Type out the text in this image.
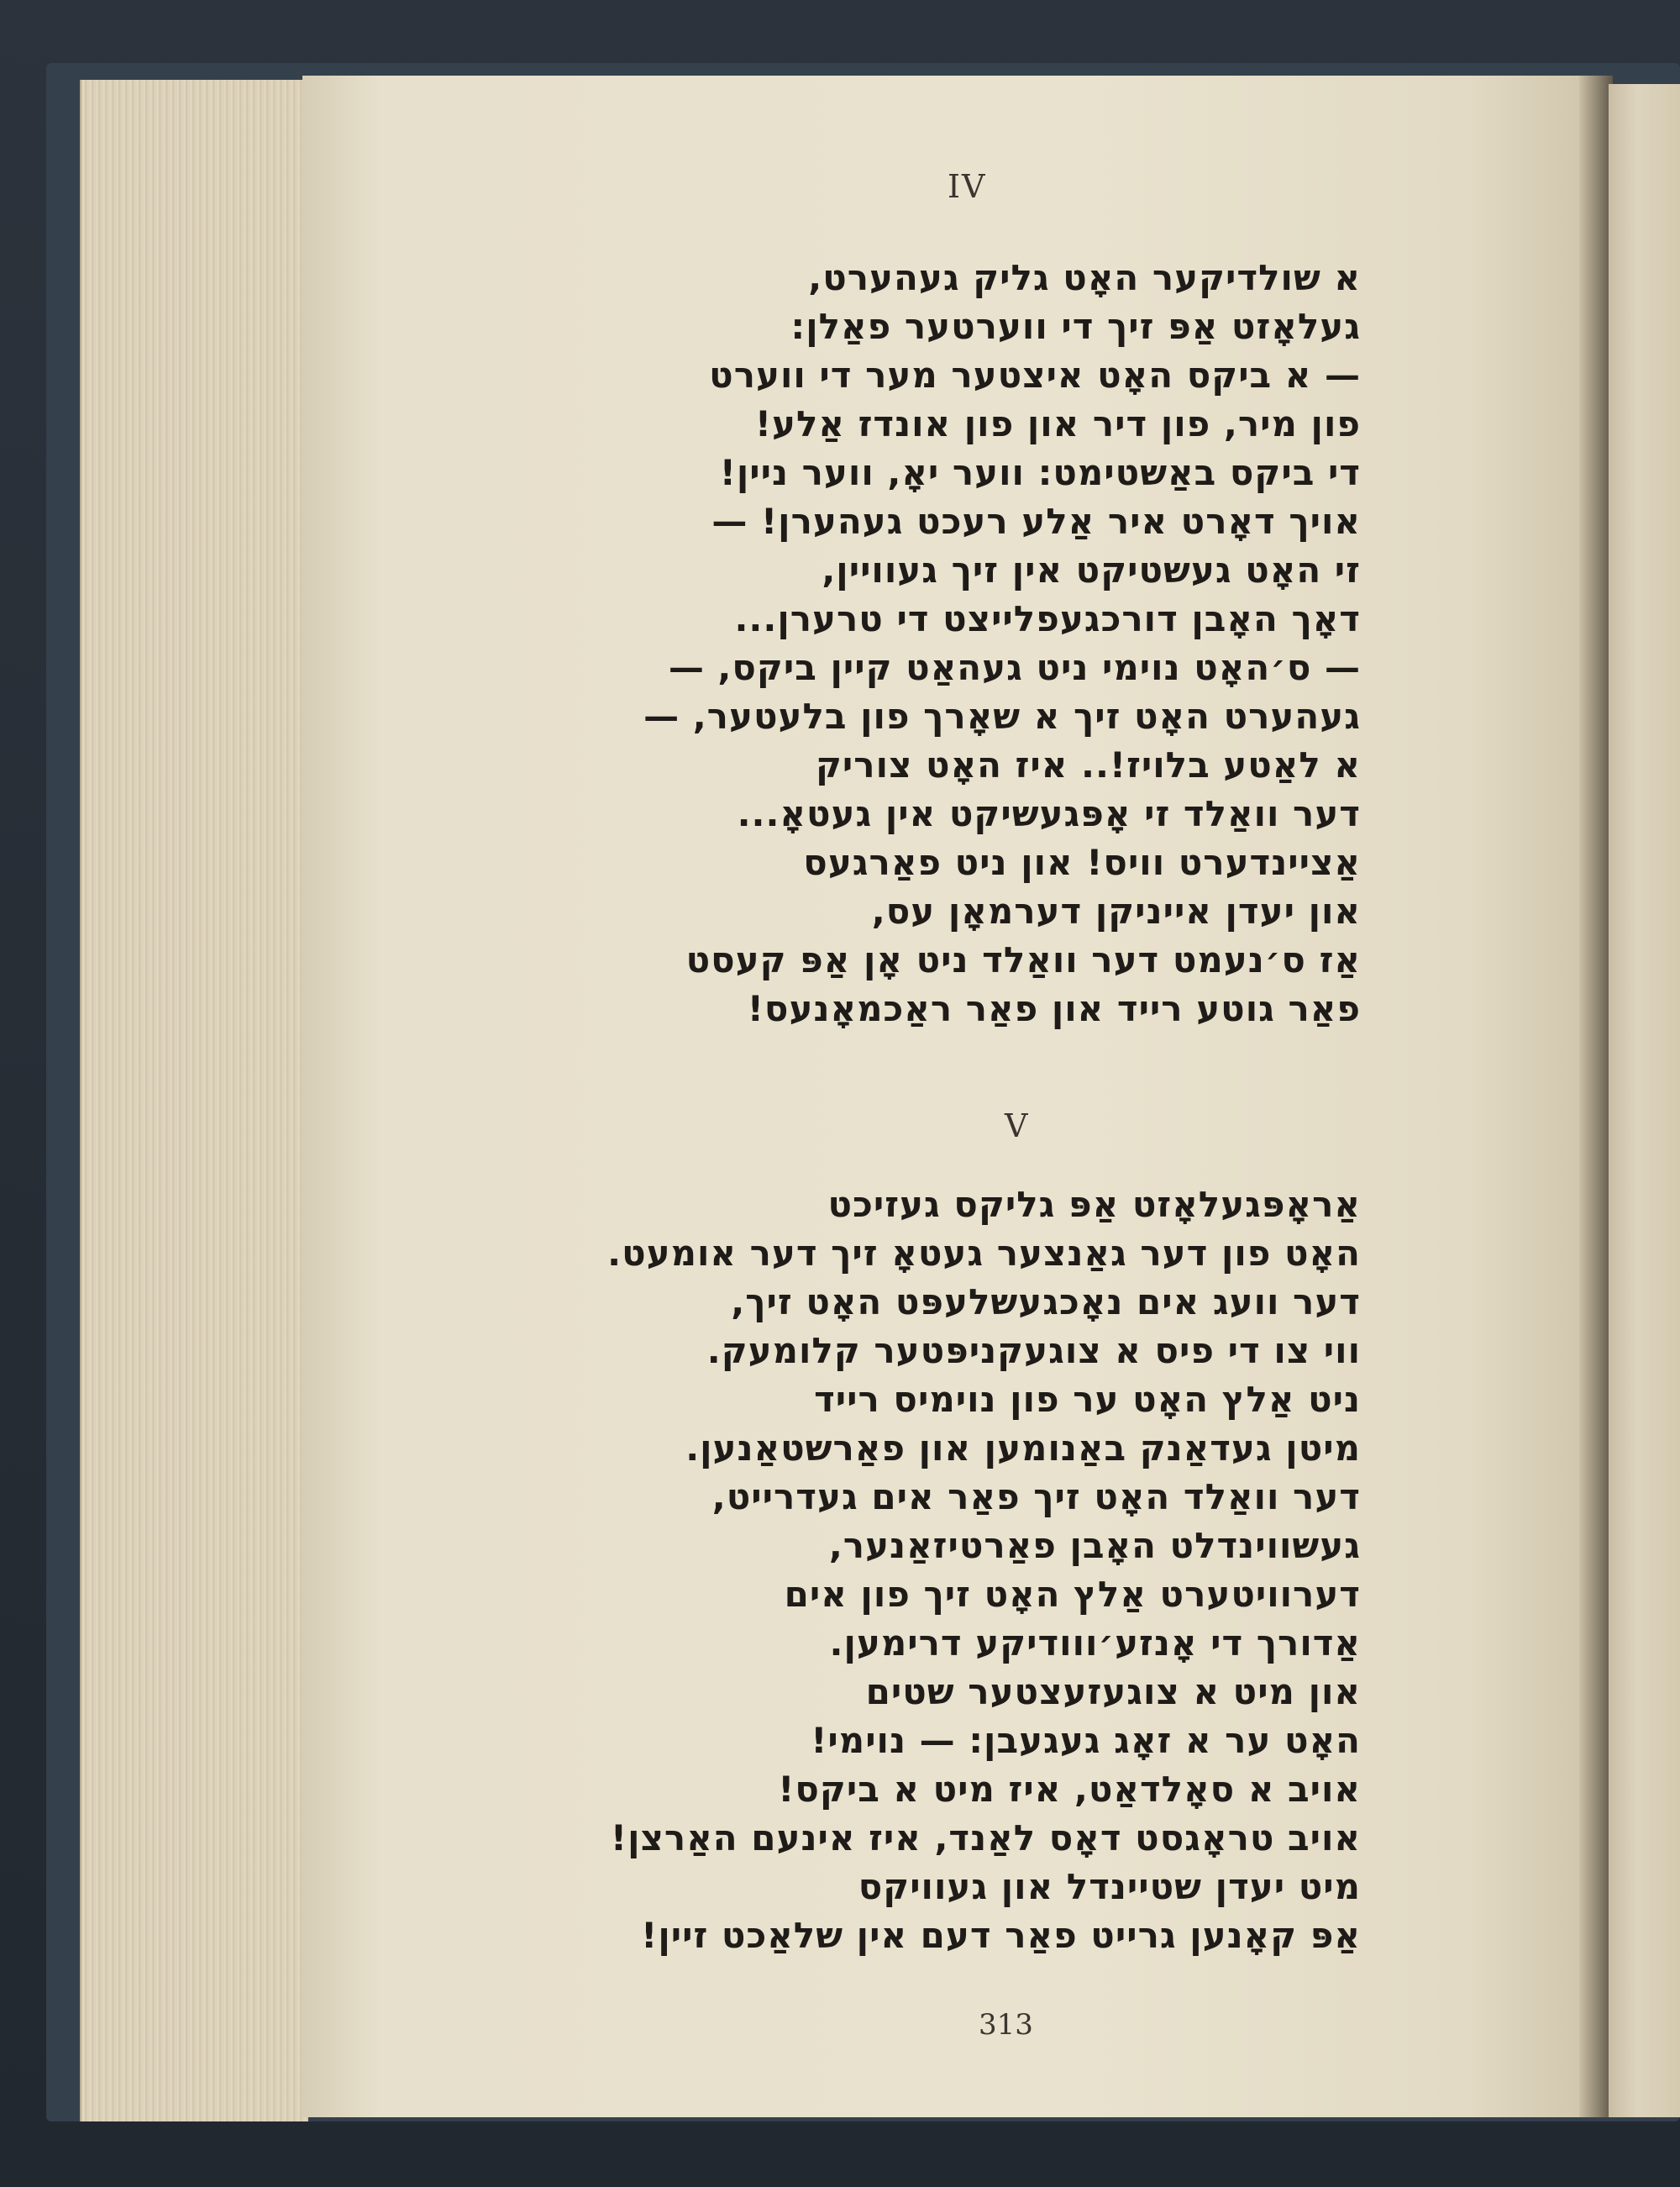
IV
א שולדיקער האָט גליק געהערט,
געלאָזט אַפּ זיך די ווערטער פאַלן:
— א ביקס האָט איצטער מער די ווערט
פון מיר, פון דיר און פון אונדז אַלע!
די ביקס באַשטימט: ווער יאָ, ווער ניין!
אויך דאָרט איר אַלע רעכט געהערן! —
זי האָט געשטיקט אין זיך געוויין,
דאָך האָבן דורכגעפלייצט די טרערן...
— ס׳האָט נוימי ניט געהאַט קיין ביקס, —
געהערט האָט זיך א שאָרך פון בלעטער, —
א לאַטע בלויז!.. איז האָט צוריק
דער וואַלד זי אָפּגעשיקט אין געטאָ...
אַציינדערט וויס! און ניט פאַרגעס
און יעדן אייניקן דערמאָן עס,
אַז ס׳נעמט דער וואַלד ניט אָן אַפּ קעסט
פאַר גוטע רייד און פאַר ראַכמאָנעס!
V
אַראָפּגעלאָזט אַפּ גליקס געזיכט
האָט פון דער גאַנצער געטאָ זיך דער אומעט.
דער וועג אים נאָכגעשלעפּט האָט זיך,
ווי צו די פיס א צוגעקניפּטער קלומעק.
ניט אַלץ האָט ער פון נוימיס רייד
מיטן געדאַנק באַנומען און פאַרשטאַנען.
דער וואַלד האָט זיך פאַר אים געדרייט,
געשווינדלט האָבן פאַרטיזאַנער,
דערוויטערט אַלץ האָט זיך פון אים
אַדורך די אָנזע׳ווודיקע דרימען.
און מיט א צוגעזעצטער שטים
האָט ער א זאָג געגעבן: — נוימי!
אויב א סאָלדאַט, איז מיט א ביקס!
אויב טראָגסט דאָס לאַנד, איז אינעם האַרצן!
מיט יעדן שטיינדל און געוויקס
אַפּ קאָנען גרייט פאַר דעם אין שלאַכט זיין!
313
